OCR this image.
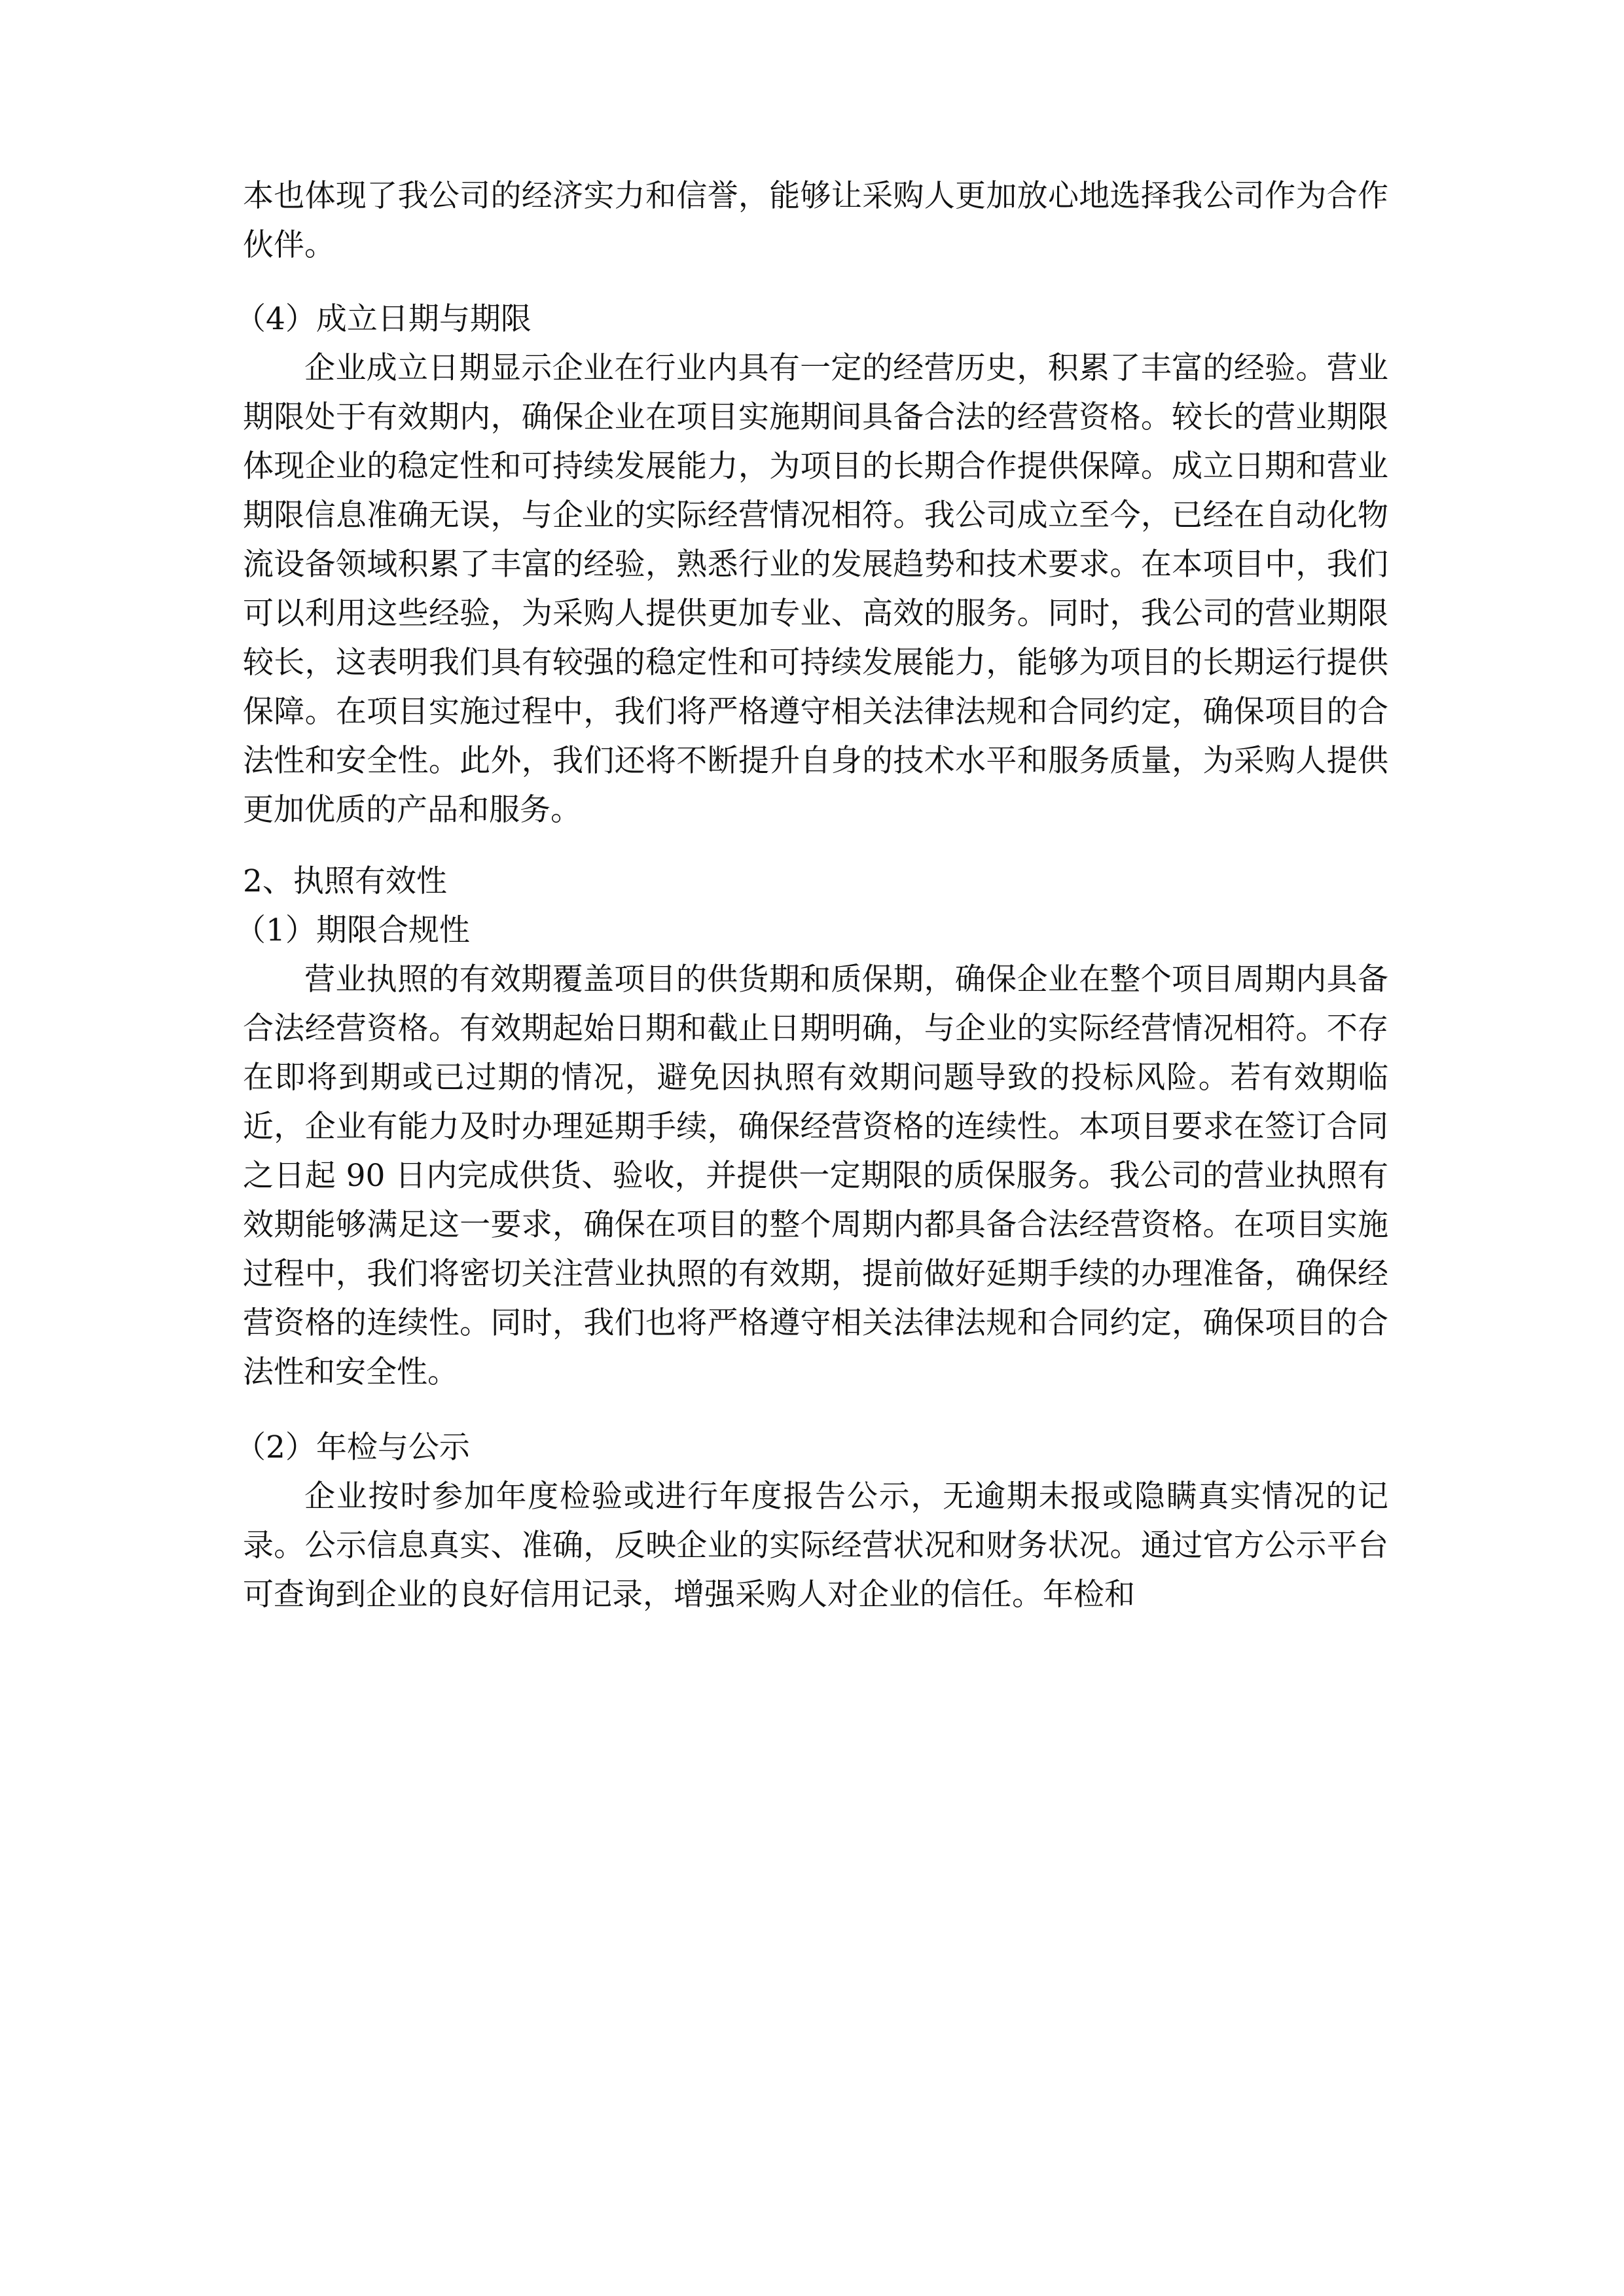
本也体现了我公司的经济实力和信誉，能够让采购人更加放心地选择我公司作为合作伙伴。

（4）成立日期与期限

企业成立日期显示企业在行业内具有一定的经营历史，积累了丰富的经验。营业期限处于有效期内，确保企业在项目实施期间具备合法的经营资格。较长的营业期限体现企业的稳定性和可持续发展能力，为项目的长期合作提供保障。成立日期和营业期限信息准确无误，与企业的实际经营情况相符。我公司成立至今，已经在自动化物流设备领域积累了丰富的经验，熟悉行业的发展趋势和技术要求。在本项目中，我们可以利用这些经验，为采购人提供更加专业、高效的服务。同时，我公司的营业期限较长，这表明我们具有较强的稳定性和可持续发展能力，能够为项目的长期运行提供保障。在项目实施过程中，我们将严格遵守相关法律法规和合同约定，确保项目的合法性和安全性。此外，我们还将不断提升自身的技术水平和服务质量，为采购人提供更加优质的产品和服务。

2、执照有效性

（1）期限合规性

营业执照的有效期覆盖项目的供货期和质保期，确保企业在整个项目周期内具备合法经营资格。有效期起始日期和截止日期明确，与企业的实际经营情况相符。不存在即将到期或已过期的情况，避免因执照有效期问题导致的投标风险。若有效期临近，企业有能力及时办理延期手续，确保经营资格的连续性。本项目要求在签订合同之日起 90 日内完成供货、验收，并提供一定期限的质保服务。我公司的营业执照有效期能够满足这一要求，确保在项目的整个周期内都具备合法经营资格。在项目实施过程中，我们将密切关注营业执照的有效期，提前做好延期手续的办理准备，确保经营资格的连续性。同时，我们也将严格遵守相关法律法规和合同约定，确保项目的合法性和安全性。

（2）年检与公示

企业按时参加年度检验或进行年度报告公示，无逾期未报或隐瞒真实情况的记录。公示信息真实、准确，反映企业的实际经营状况和财务状况。通过官方公示平台可查询到企业的良好信用记录，增强采购人对企业的信任。年检和
